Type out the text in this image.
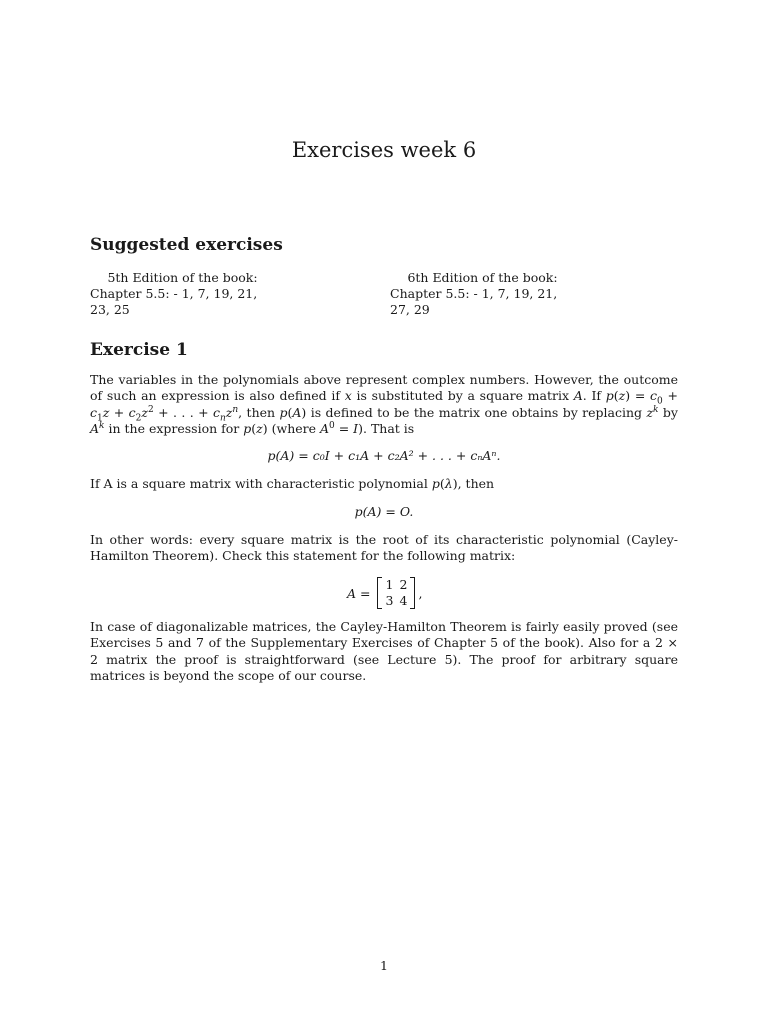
Exercises week 6
Suggested exercises
5th Edition of the book:
Chapter 5.5: - 1, 7, 19, 21, 23, 25
6th Edition of the book:
Chapter 5.5: - 1, 7, 19, 21, 27, 29
Exercise 1

The variables in the polynomials above represent complex numbers. However, the outcome of such an expression is also defined if x is substituted by a square matrix A. If $p(z) = c_0 + c_1z + c_2z^2$ + . . . + $c_nz^n$, then p(A) is defined to be the matrix one obtains by replacing $z^k$ by $A^k$ in the expression for p(z) (where $A^0 = I$). That is

p(A) = c₀I + c₁A + c₂A² + . . . + cₙAⁿ.

If A is a square matrix with characteristic polynomial p(λ), then

p(A) = O.

In other words: every square matrix is the root of its characteristic polynomial (Cayley-Hamilton Theorem). Check this statement for the following matrix:

A =
1 2
3 4 ,

In case of diagonalizable matrices, the Cayley-Hamilton Theorem is fairly easily proved (see Exercises 5 and 7 of the Supplementary Exercises of Chapter 5 of the book). Also for a 2 × 2 matrix the proof is straightforward (see Lecture 5). The proof for arbitrary square matrices is beyond the scope of our course.

1
